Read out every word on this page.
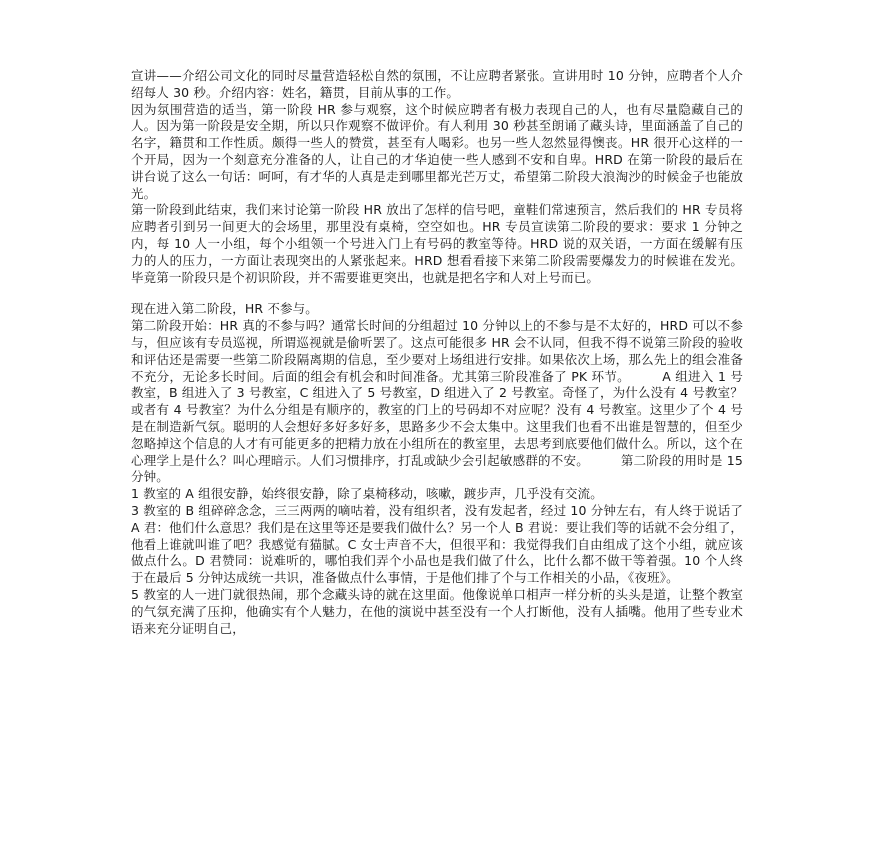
宣讲——介绍公司文化的同时尽量营造轻松自然的氛围，不让应聘者紧张。宣讲用时 10 分钟，应聘者个人介绍每人 30 秒。介绍内容：姓名，籍贯，目前从事的工作。

因为氛围营造的适当，第一阶段 HR 参与观察，这个时候应聘者有极力表现自己的人，也有尽量隐藏自己的人。因为第一阶段是安全期，所以只作观察不做评价。有人利用 30 秒甚至朗诵了藏头诗，里面涵盖了自己的名字，籍贯和工作性质。颇得一些人的赞赏，甚至有人喝彩。也另一些人忽然显得懊丧。HR 很开心这样的一个开局，因为一个刻意充分准备的人，让自己的才华迫使一些人感到不安和自卑。HRD 在第一阶段的最后在讲台说了这么一句话：呵呵，有才华的人真是走到哪里都光芒万丈，希望第二阶段大浪淘沙的时候金子也能放光。

第一阶段到此结束，我们来讨论第一阶段 HR 放出了怎样的信号吧，童鞋们常速预言，然后我们的 HR 专员将应聘者引到另一间更大的会场里，那里没有桌椅，空空如也。HR 专员宣读第二阶段的要求：要求 1 分钟之内，每 10 人一小组，每个小组领一个号进入门上有号码的教室等待。HRD 说的双关语，一方面在缓解有压力的人的压力，一方面让表现突出的人紧张起来。HRD 想看看接下来第二阶段需要爆发力的时候谁在发光。毕竟第一阶段只是个初识阶段，并不需要谁更突出，也就是把名字和人对上号而已。

现在进入第二阶段，HR 不参与。

第二阶段开始：HR 真的不参与吗？通常长时间的分组超过 10 分钟以上的不参与是不太好的，HRD 可以不参与，但应该有专员巡视，所谓巡视就是偷听罢了。这点可能很多 HR 会不认同，但我不得不说第三阶段的验收和评估还是需要一些第二阶段隔离期的信息，至少要对上场组进行安排。如果依次上场，那么先上的组会准备不充分，无论多长时间。后面的组会有机会和时间准备。尤其第三阶段准备了 PK 环节。　　　A 组进入 1 号教室，B 组进入了 3 号教室，C 组进入了 5 号教室，D 组进入了 2 号教室。奇怪了，为什么没有 4 号教室？或者有 4 号教室？为什么分组是有顺序的，教室的门上的号码却不对应呢？没有 4 号教室。这里少了个 4 号是在制造新气氛。聪明的人会想好多好多好多，思路多少不会太集中。这里我们也看不出谁是智慧的，但至少忽略掉这个信息的人才有可能更多的把精力放在小组所在的教室里，去思考到底要他们做什么。所以，这个在心理学上是什么？叫心理暗示。人们习惯排序，打乱或缺少会引起敏感群的不安。　　　第二阶段的用时是 15 分钟。

1 教室的 A 组很安静，始终很安静，除了桌椅移动，咳嗽，踱步声，几乎没有交流。

3 教室的 B 组碎碎念念，三三两两的嘀咕着，没有组织者，没有发起者，经过 10 分钟左右，有人终于说话了 A 君：他们什么意思？我们是在这里等还是要我们做什么？另一个人 B 君说：要让我们等的话就不会分组了，他看上谁就叫谁了吧？我感觉有猫腻。C 女士声音不大，但很平和：我觉得我们自由组成了这个小组，就应该做点什么。D 君赞同：说难听的，哪怕我们弄个小品也是我们做了什么，比什么都不做干等着强。10 个人终于在最后 5 分钟达成统一共识，准备做点什么事情，于是他们排了个与工作相关的小品，《夜班》。

5 教室的人一进门就很热闹，那个念藏头诗的就在这里面。他像说单口相声一样分析的头头是道，让整个教室的气氛充满了压抑，他确实有个人魅力，在他的演说中甚至没有一个人打断他，没有人插嘴。他用了些专业术语来充分证明自己，
